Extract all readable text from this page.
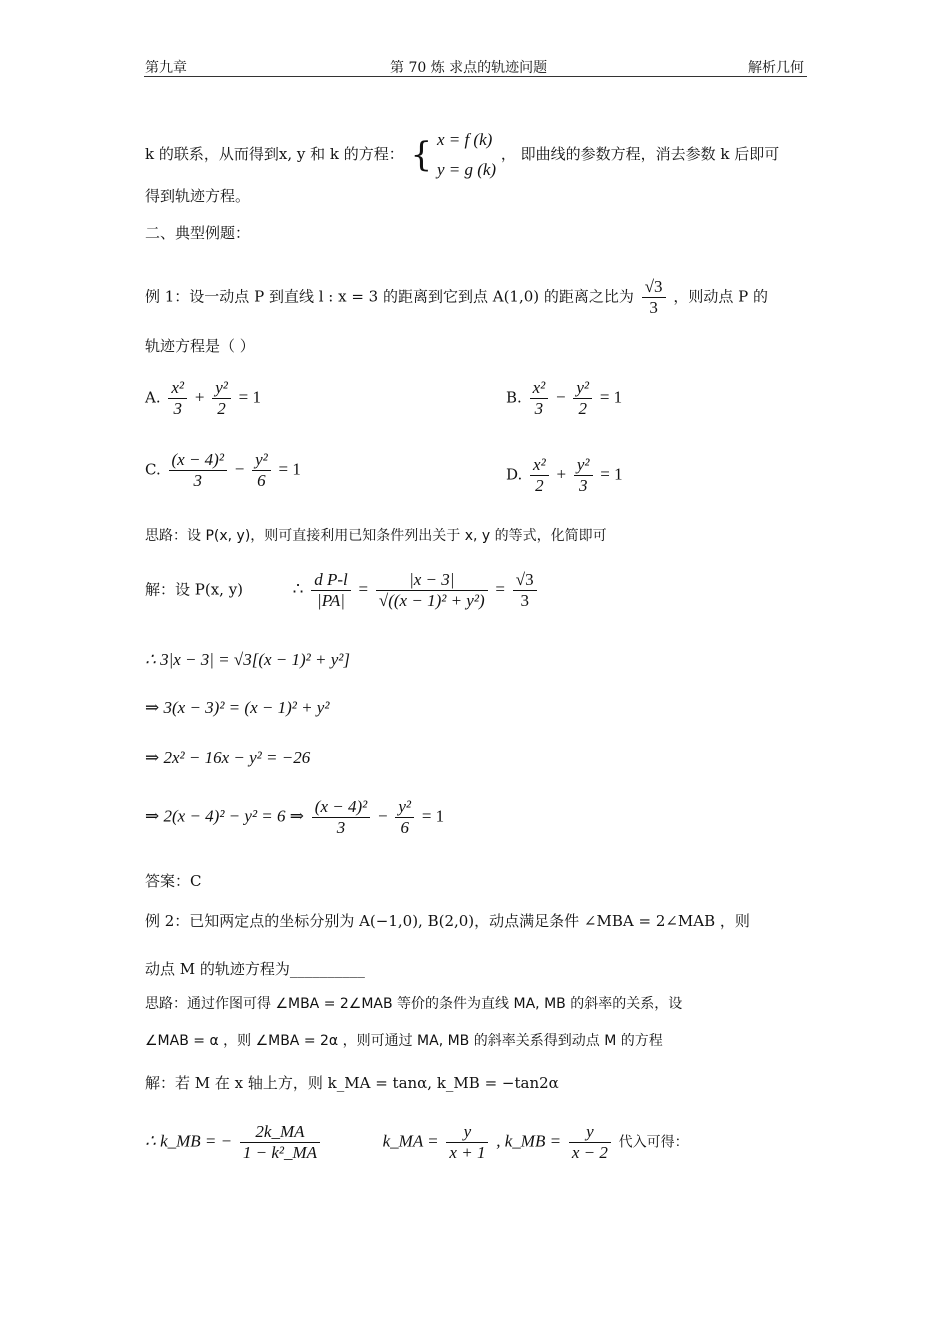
第九章	第 70 炼 求点的轨迹问题	解析几何
k 的联系，从而得到x, y 和 k 的方程： { x = f (k)
y = g (k)
， 即曲线的参数方程，消去参数 k 后即可
得到轨迹方程。
二、典型例题：
例 1：设一动点 P 到直线 l : x = 3 的距离到它到点 A(1,0) 的距离之比为 $\frac{√3}{3}$ ，则动点 P 的
轨迹方程是（ ）
A. $\frac{\text{x²}}{3} + \frac{\text{y²}}{2} = 1$	B. $\frac{\text{x²}}{3} - \frac{\text{y²}}{2} = 1$
C. $\frac{\text{(x − 4)²}}{3} - \frac{\text{y²}}{6} = 1$	D. $\frac{\text{x²}}{2} + \frac{\text{y²}}{3} = 1$
思路：设 P(x, y)，则可直接利用已知条件列出关于 x, y 的等式，化简即可
解：设 P(x, y)	∴ $\frac{\text{d P-l}}{|PA|} = \frac{|x - 3|}{\text{√((x − 1)² + y²)}} = \frac{√3}{3}$
∴ 3|x − 3| = √3[(x − 1)² + y²]
⇒ 3(x − 3)² = (x − 1)² + y²
⇒ 2x² − 16x − y² = −26
⇒ 2(x − 4)² − y² = 6 ⇒ $\frac{\text{(x − 4)²}}{3} - \frac{\text{y²}}{6} = 1$
答案：C
例 2：已知两定点的坐标分别为 A(−1,0), B(2,0)，动点满足条件 ∠MBA = 2∠MAB ，则
动点 M 的轨迹方程为__________
思路：通过作图可得 ∠MBA = 2∠MAB 等价的条件为直线 MA, MB 的斜率的关系，设
∠MAB = α ，则 ∠MBA = 2α ，则可通过 MA, MB 的斜率关系得到动点 M 的方程
解：若 M 在 x 轴上方，则 k_MA = tanα, k_MB = −tan2α
∴ k_MB = − $\frac{2k\_MA}{\text{1 − k²\_MA}}$	k_MA = $\frac{y}{x + 1}$ , k_MB = $\frac{y}{x - 2}$ 代入可得：
